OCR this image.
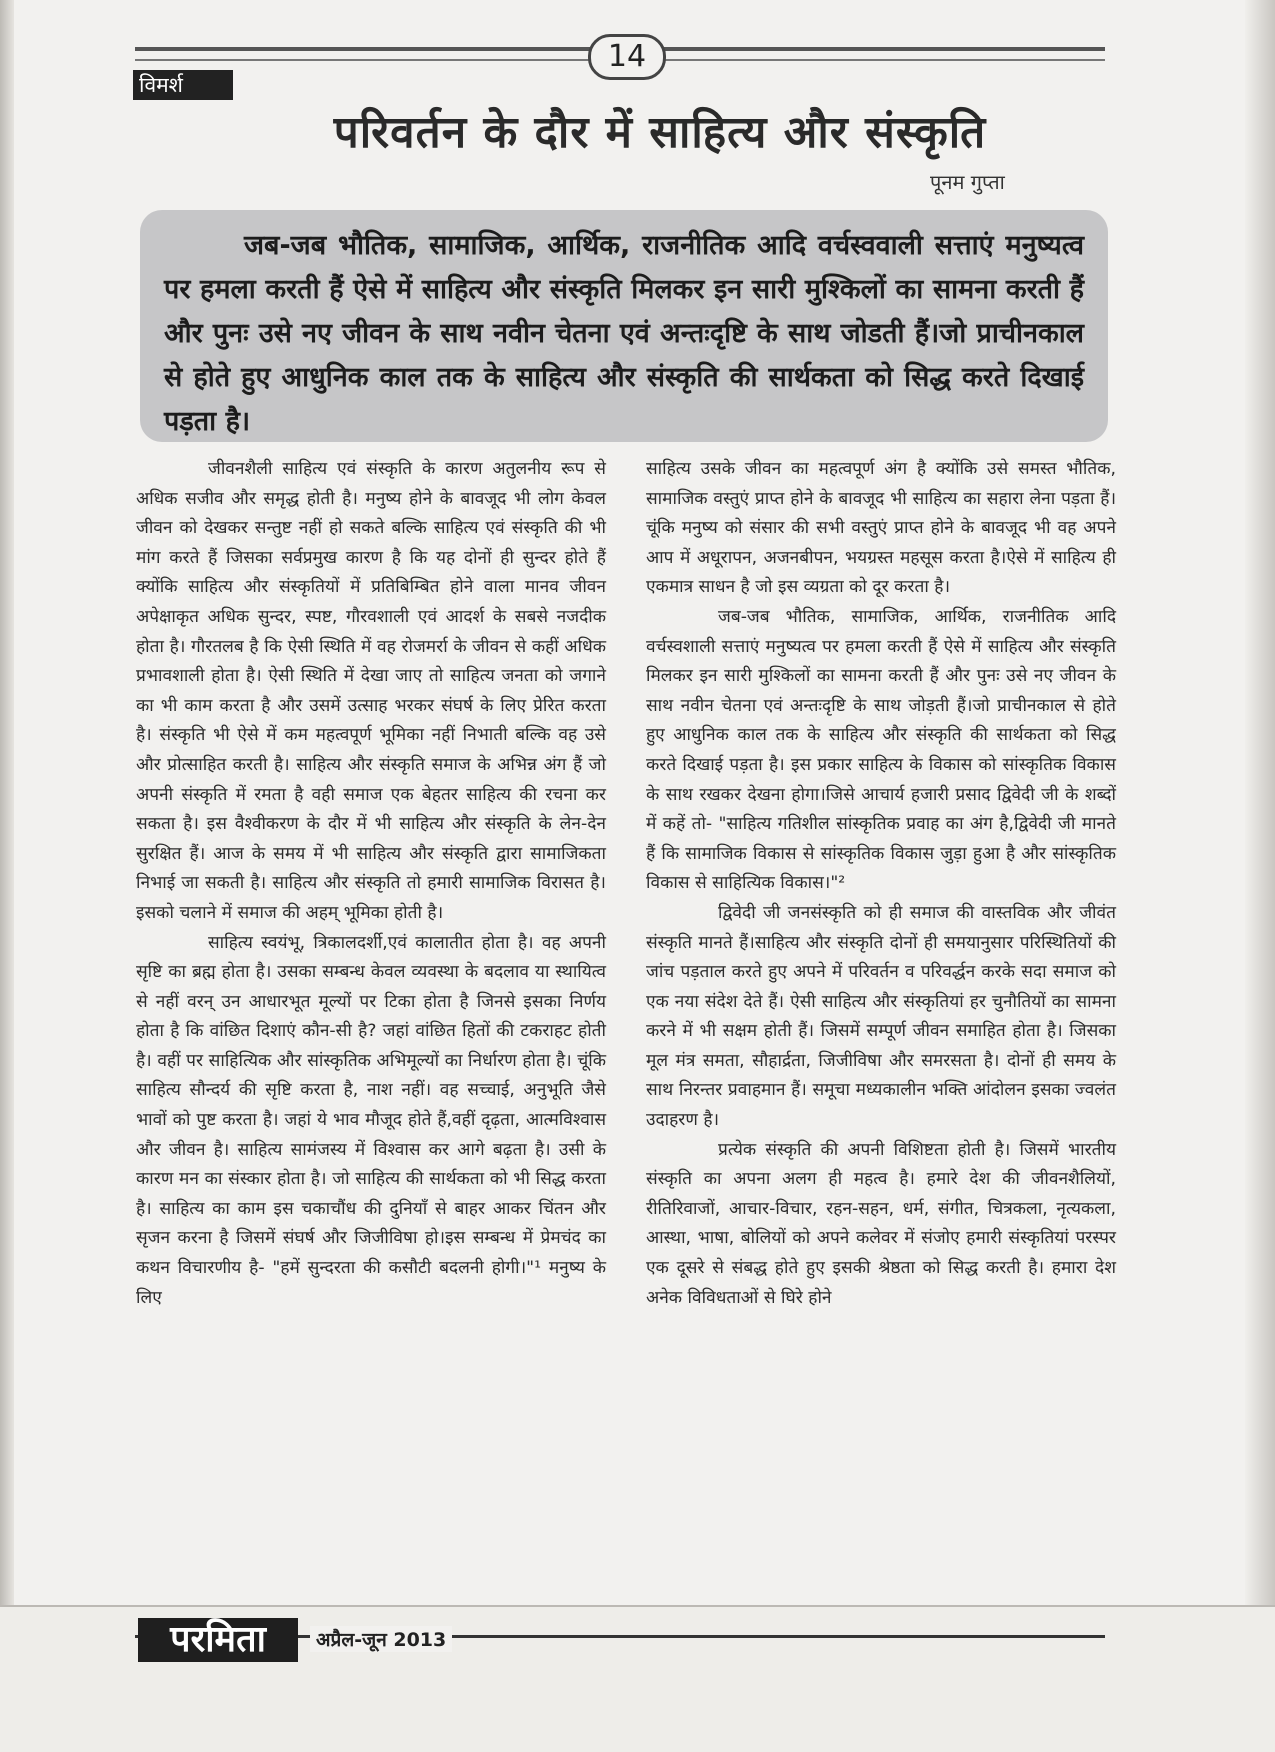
14
विमर्श
परिवर्तन के दौर में साहित्य और संस्कृति
पूनम गुप्ता

जब-जब भौतिक, सामाजिक, आर्थिक, राजनीतिक आदि वर्चस्ववाली सत्ताएं मनुष्यत्व पर हमला करती हैं ऐसे में साहित्य और संस्कृति मिलकर इन सारी मुश्किलों का सामना करती हैं और पुनः उसे नए जीवन के साथ नवीन चेतना एवं अन्तःदृष्टि के साथ जोडती हैं।जो प्राचीनकाल से होते हुए आधुनिक काल तक के साहित्य और संस्कृति की सार्थकता को सिद्ध करते दिखाई पड़ता है।

जीवनशैली साहित्य एवं संस्कृति के कारण अतुलनीय रूप से अधिक सजीव और समृद्ध होती है। मनुष्य होने के बावजूद भी लोग केवल जीवन को देखकर सन्तुष्ट नहीं हो सकते बल्कि साहित्य एवं संस्कृति की भी मांग करते हैं जिसका सर्वप्रमुख कारण है कि यह दोनों ही सुन्दर होते हैं क्योंकि साहित्य और संस्कृतियों में प्रतिबिम्बित होने वाला मानव जीवन अपेक्षाकृत अधिक सुन्दर, स्पष्ट, गौरवशाली एवं आदर्श के सबसे नजदीक होता है। गौरतलब है कि ऐसी स्थिति में वह रोजमर्रा के जीवन से कहीं अधिक प्रभावशाली होता है। ऐसी स्थिति में देखा जाए तो साहित्य जनता को जगाने का भी काम करता है और उसमें उत्साह भरकर संघर्ष के लिए प्रेरित करता है। संस्कृति भी ऐसे में कम महत्वपूर्ण भूमिका नहीं निभाती बल्कि वह उसे और प्रोत्साहित करती है। साहित्य और संस्कृति समाज के अभिन्न अंग हैं जो अपनी संस्कृति में रमता है वही समाज एक बेहतर साहित्य की रचना कर सकता है। इस वैश्वीकरण के दौर में भी साहित्य और संस्कृति के लेन-देन सुरक्षित हैं। आज के समय में भी साहित्य और संस्कृति द्वारा सामाजिकता निभाई जा सकती है। साहित्य और संस्कृति तो हमारी सामाजिक विरासत है। इसको चलाने में समाज की अहम् भूमिका होती है।

साहित्य स्वयंभू, त्रिकालदर्शी,एवं कालातीत होता है। वह अपनी सृष्टि का ब्रह्म होता है। उसका सम्बन्ध केवल व्यवस्था के बदलाव या स्थायित्व से नहीं वरन् उन आधारभूत मूल्यों पर टिका होता है जिनसे इसका निर्णय होता है कि वांछित दिशाएं कौन-सी है? जहां वांछित हितों की टकराहट होती है। वहीं पर साहित्यिक और सांस्कृतिक अभिमूल्यों का निर्धारण होता है। चूंकि साहित्य सौन्दर्य की सृष्टि करता है, नाश नहीं। वह सच्चाई, अनुभूति जैसे भावों को पुष्ट करता है। जहां ये भाव मौजूद होते हैं,वहीं दृढ़ता, आत्मविश्वास और जीवन है। साहित्य सामंजस्य में विश्वास कर आगे बढ़ता है। उसी के कारण मन का संस्कार होता है। जो साहित्य की सार्थकता को भी सिद्ध करता है। साहित्य का काम इस चकाचौंध की दुनियाँ से बाहर आकर चिंतन और सृजन करना है जिसमें संघर्ष और जिजीविषा हो।इस सम्बन्ध में प्रेमचंद का कथन विचारणीय है- "हमें सुन्दरता की कसौटी बदलनी होगी।"¹ मनुष्य के लिए

साहित्य उसके जीवन का महत्वपूर्ण अंग है क्योंकि उसे समस्त भौतिक, सामाजिक वस्तुएं प्राप्त होने के बावजूद भी साहित्य का सहारा लेना पड़ता हैं। चूंकि मनुष्य को संसार की सभी वस्तुएं प्राप्त होने के बावजूद भी वह अपने आप में अधूरापन, अजनबीपन, भयग्रस्त महसूस करता है।ऐसे में साहित्य ही एकमात्र साधन है जो इस व्यग्रता को दूर करता है।

जब-जब भौतिक, सामाजिक, आर्थिक, राजनीतिक आदि वर्चस्वशाली सत्ताएं मनुष्यत्व पर हमला करती हैं ऐसे में साहित्य और संस्कृति मिलकर इन सारी मुश्किलों का सामना करती हैं और पुनः उसे नए जीवन के साथ नवीन चेतना एवं अन्तःदृष्टि के साथ जोड़ती हैं।जो प्राचीनकाल से होते हुए आधुनिक काल तक के साहित्य और संस्कृति की सार्थकता को सिद्ध करते दिखाई पड़ता है। इस प्रकार साहित्य के विकास को सांस्कृतिक विकास के साथ रखकर देखना होगा।जिसे आचार्य हजारी प्रसाद द्विवेदी जी के शब्दों में कहें तो- "साहित्य गतिशील सांस्कृतिक प्रवाह का अंग है,द्विवेदी जी मानते हैं कि सामाजिक विकास से सांस्कृतिक विकास जुड़ा हुआ है और सांस्कृतिक विकास से साहित्यिक विकास।"²

द्विवेदी जी जनसंस्कृति को ही समाज की वास्तविक और जीवंत संस्कृति मानते हैं।साहित्य और संस्कृति दोनों ही समयानुसार परिस्थितियों की जांच पड़ताल करते हुए अपने में परिवर्तन व परिवर्द्धन करके सदा समाज को एक नया संदेश देते हैं। ऐसी साहित्य और संस्कृतियां हर चुनौतियों का सामना करने में भी सक्षम होती हैं। जिसमें सम्पूर्ण जीवन समाहित होता है। जिसका मूल मंत्र समता, सौहार्द्रता, जिजीविषा और समरसता है। दोनों ही समय के साथ निरन्तर प्रवाहमान हैं। समूचा मध्यकालीन भक्ति आंदोलन इसका ज्वलंत उदाहरण है।

प्रत्येक संस्कृति की अपनी विशिष्टता होती है। जिसमें भारतीय संस्कृति का अपना अलग ही महत्व है। हमारे देश की जीवनशैलियों, रीतिरिवाजों, आचार-विचार, रहन-सहन, धर्म, संगीत, चित्रकला, नृत्यकला, आस्था, भाषा, बोलियों को अपने कलेवर में संजोए हमारी संस्कृतियां परस्पर एक दूसरे से संबद्ध होते हुए इसकी श्रेष्ठता को सिद्ध करती है। हमारा देश अनेक विविधताओं से घिरे होने

परमिता	अप्रैल-जून 2013
